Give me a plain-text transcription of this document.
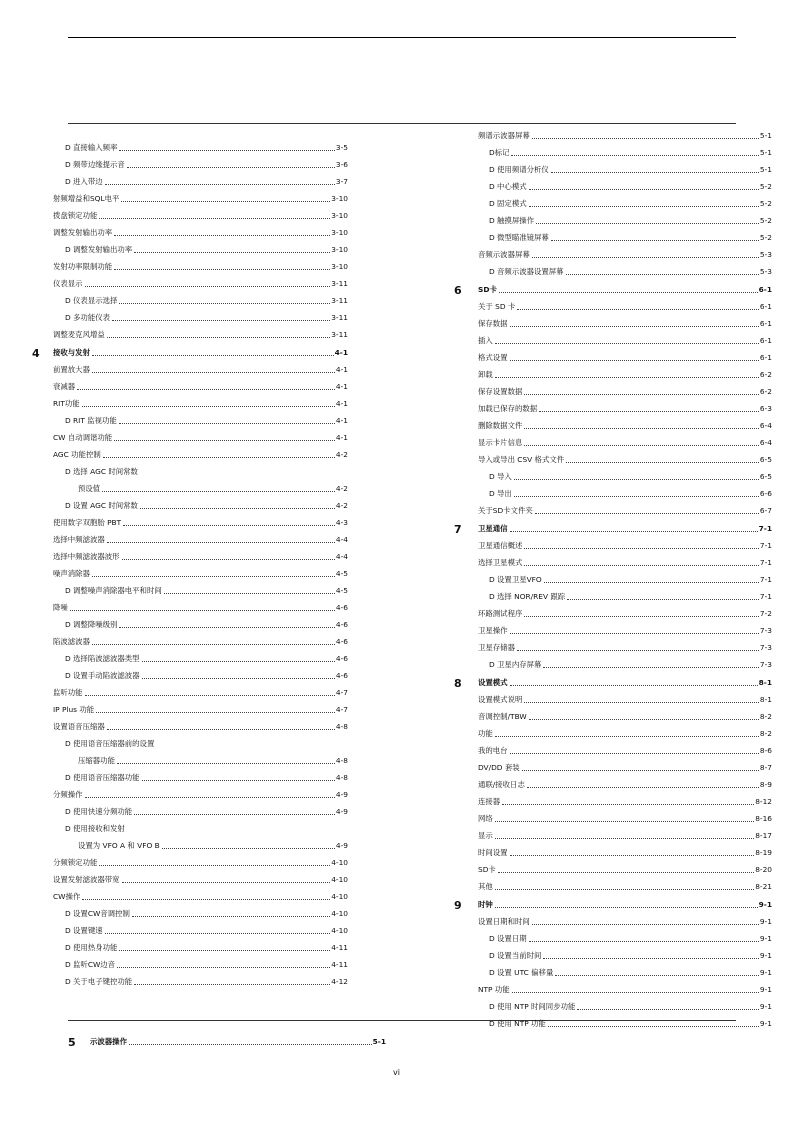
D 直接输入频率	3-5
D 频带边缘提示音	3-6
D 进入带边	3-7
射频增益和SQL电平	3-10
拨盘锁定功能	3-10
调整发射输出功率	3-10
D 调整发射输出功率	3-10
发射功率限制功能	3-10
仪表显示	3-11
D 仪表显示选择	3-11
D 多功能仪表	3-11
调整麦克风增益	3-11
4 接收与发射	4-1
前置放大器	4-1
衰减器	4-1
RIT功能	4-1
D RIT 监视功能	4-1
CW 自动调谐功能	4-1
AGC 功能控制	4-2
D 选择 AGC 时间常数
预设值	4-2
D 设置 AGC 时间常数	4-2
使用数字双胞胎 PBT	4-3
选择中频滤波器	4-4
选择中频滤波器波形	4-4
噪声消除器	4-5
D 调整噪声消除器电平和时间	4-5
降噪	4-6
D 调整降噪级别	4-6
陷波滤波器	4-6
D 选择陷波滤波器类型	4-6
D 设置手动陷波滤波器	4-6
监听功能	4-7
IP Plus 功能	4-7
设置语音压缩器	4-8
D 使用语音压缩器前的设置
压缩器功能	4-8
D 使用语音压缩器功能	4-8
分频操作	4-9
D 使用快速分频功能	4-9
D 使用接收和发射
设置为 VFO A 和 VFO B	4-9
分频锁定功能	4-10
设置发射滤波器带宽	4-10
CW操作	4-10
D 设置CW音调控制	4-10
D 设置键速	4-10
D 使用热身功能	4-11
D 监听CW边音	4-11
D 关于电子键控功能	4-12
频谱示波器屏幕	5-1
D标记	5-1
D 使用频谱分析仪	5-1
D 中心模式	5-2
D 固定模式	5-2
D 触摸屏操作	5-2
D 微型瞄准镜屏幕	5-2
音频示波器屏幕	5-3
D 音频示波器设置屏幕	5-3
6 SD卡	6-1
关于 SD 卡	6-1
保存数据	6-1
插入	6-1
格式设置	6-1
卸载	6-2
保存设置数据	6-2
加载已保存的数据	6-3
删除数据文件	6-4
显示卡片信息	6-4
导入或导出 CSV 格式文件	6-5
D 导入	6-5
D 导出	6-6
关于SD卡文件夹	6-7
7 卫星通信	7-1
卫星通信概述	7-1
选择卫星模式	7-1
D 设置卫星VFO	7-1
D 选择 NOR/REV 跟踪	7-1
环路测试程序	7-2
卫星操作	7-3
卫星存储器	7-3
D 卫星内存屏幕	7-3
8 设置模式	8-1
设置模式说明	8-1
音调控制/TBW	8-2
功能	8-2
我的电台	8-6
DV/DD 套装	8-7
通联/接收日志	8-9
连接器	8-12
网络	8-16
显示	8-17
时间设置	8-19
SD卡	8-20
其他	8-21
9 时钟	9-1
设置日期和时间	9-1
D 设置日期	9-1
D 设置当前时间	9-1
D 设置 UTC 偏移量	9-1
NTP 功能	9-1
D 使用 NTP 时间同步功能	9-1
D 使用 NTP 功能	9-1
5 示波器操作	5-1
vi
